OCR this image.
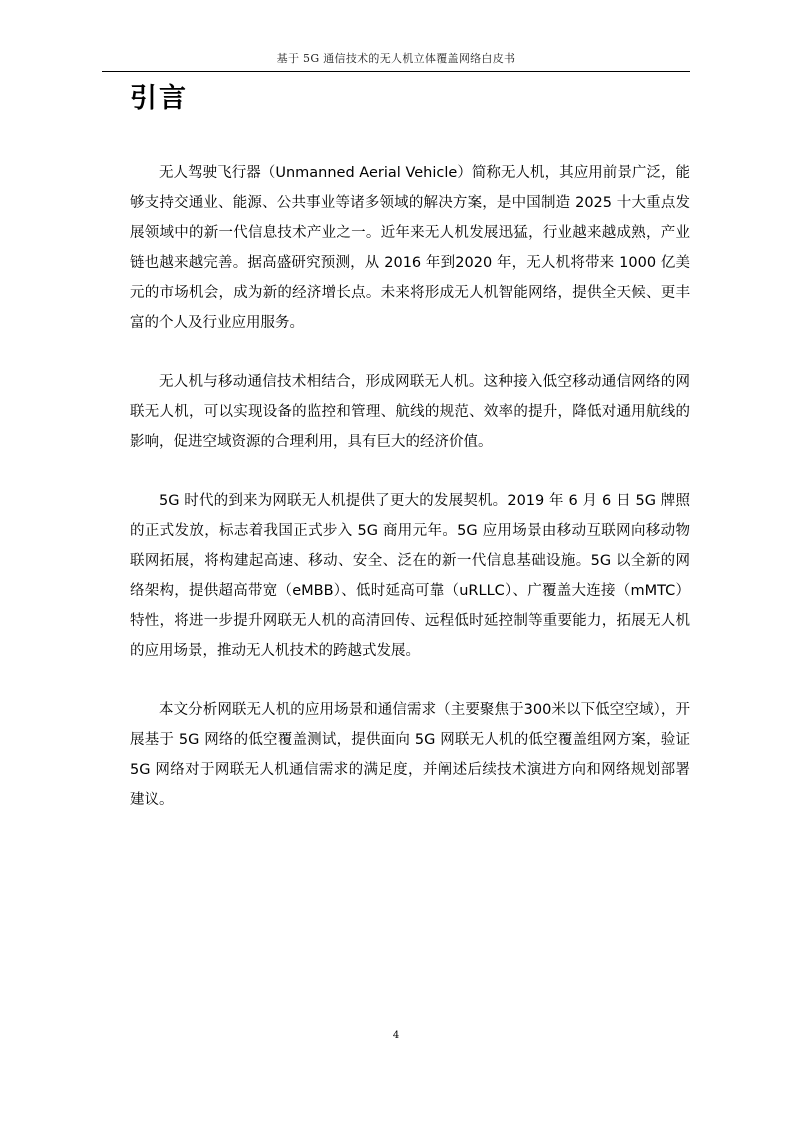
基于 5G 通信技术的无人机立体覆盖网络白皮书
引言

无人驾驶飞行器（Unmanned Aerial Vehicle）简称无人机，其应用前景广泛，能够支持交通业、能源、公共事业等诸多领域的解决方案，是中国制造 2025 十大重点发展领域中的新一代信息技术产业之一。近年来无人机发展迅猛，行业越来越成熟，产业链也越来越完善。据高盛研究预测，从 2016 年到2020 年，无人机将带来 1000 亿美元的市场机会，成为新的经济增长点。未来将形成无人机智能网络，提供全天候、更丰富的个人及行业应用服务。

无人机与移动通信技术相结合，形成网联无人机。这种接入低空移动通信网络的网联无人机，可以实现设备的监控和管理、航线的规范、效率的提升，降低对通用航线的影响，促进空域资源的合理利用，具有巨大的经济价值。

5G 时代的到来为网联无人机提供了更大的发展契机。2019 年 6 月 6 日 5G 牌照的正式发放，标志着我国正式步入 5G 商用元年。5G 应用场景由移动互联网向移动物联网拓展，将构建起高速、移动、安全、泛在的新一代信息基础设施。5G 以全新的网络架构，提供超高带宽（eMBB）、低时延高可靠（uRLLC）、广覆盖大连接（mMTC）特性，将进一步提升网联无人机的高清回传、远程低时延控制等重要能力，拓展无人机的应用场景，推动无人机技术的跨越式发展。

本文分析网联无人机的应用场景和通信需求（主要聚焦于300米以下低空空域），开展基于 5G 网络的低空覆盖测试，提供面向 5G 网联无人机的低空覆盖组网方案，验证 5G 网络对于网联无人机通信需求的满足度，并阐述后续技术演进方向和网络规划部署建议。

4
